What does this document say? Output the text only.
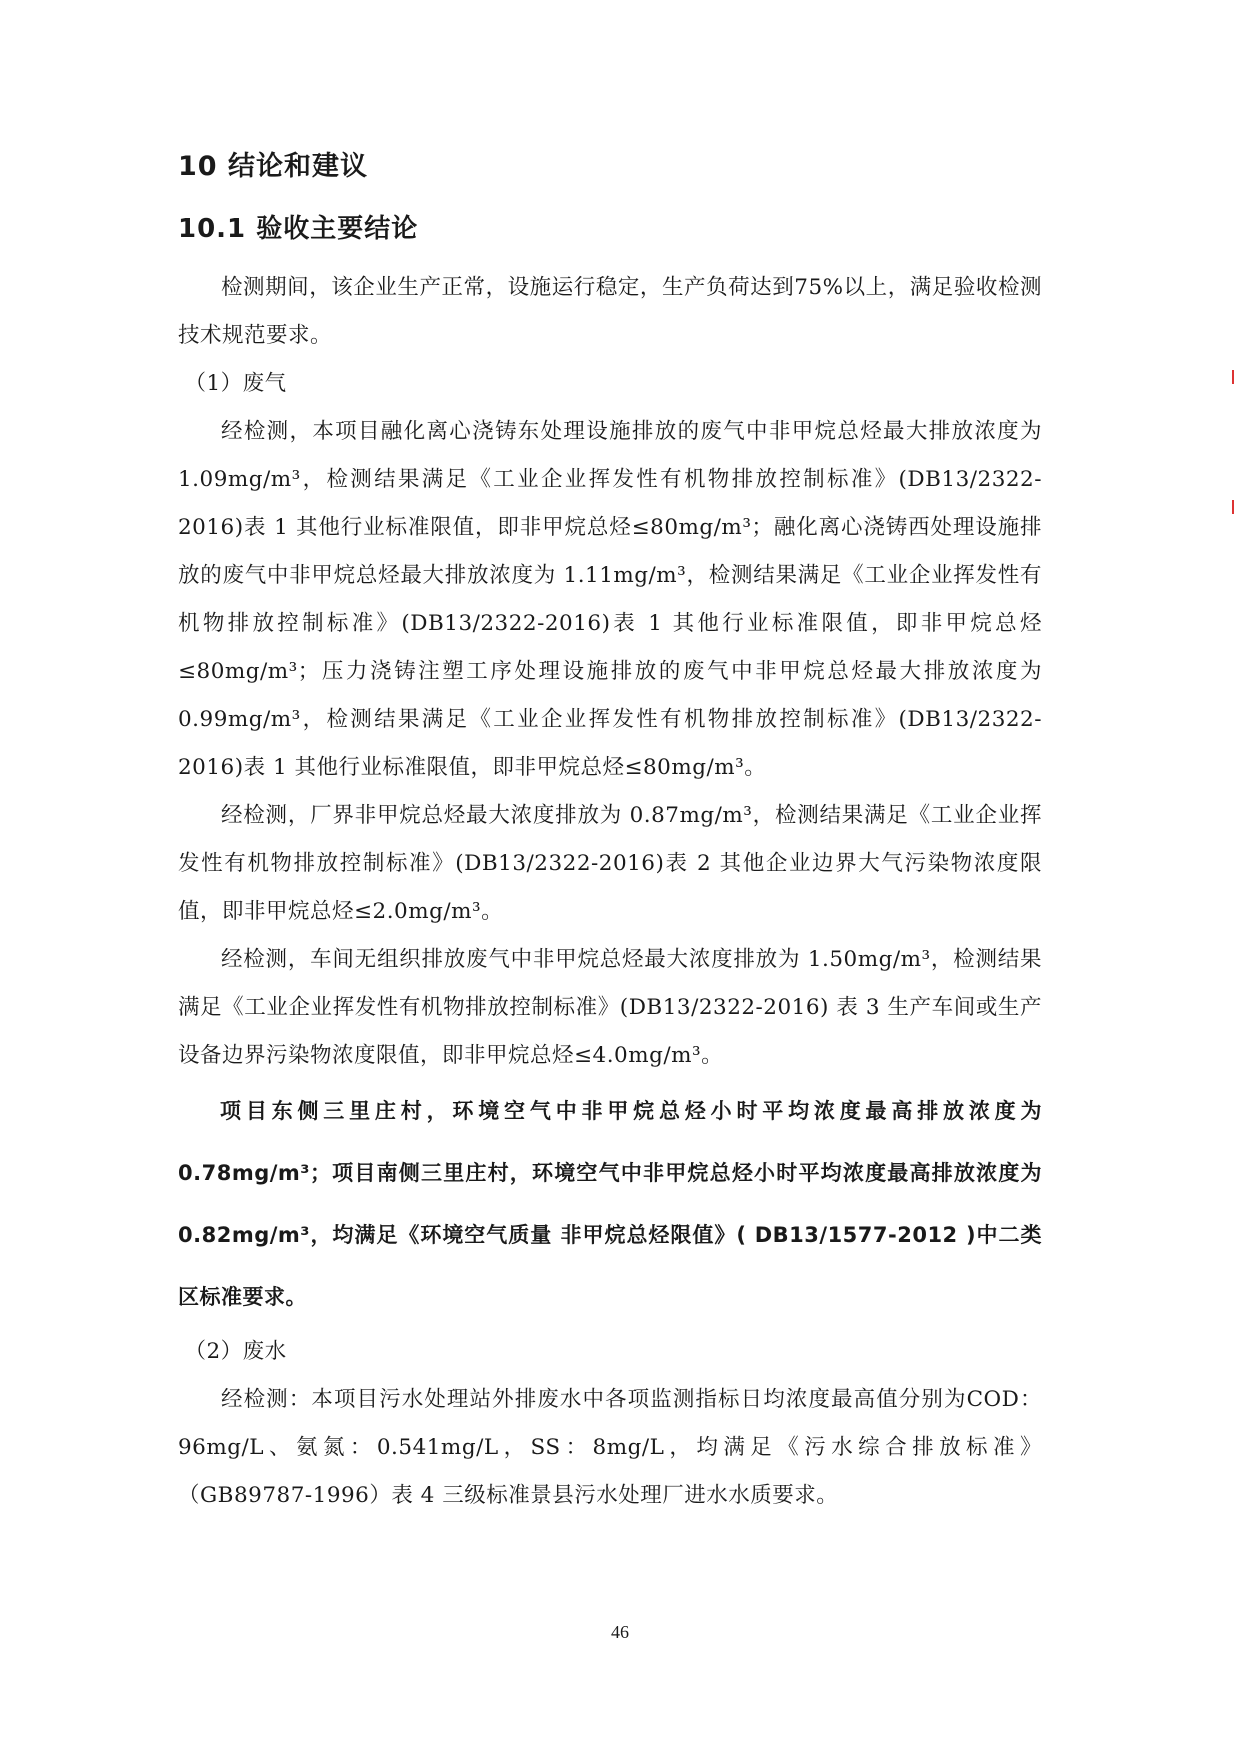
10 结论和建议
10.1 验收主要结论

检测期间，该企业生产正常，设施运行稳定，生产负荷达到75%以上，满足验收检测技术规范要求。

（1）废气

经检测，本项目融化离心浇铸东处理设施排放的废气中非甲烷总烃最大排放浓度为 1.09mg/m³，检测结果满足《工业企业挥发性有机物排放控制标准》(DB13/2322-2016)表 1 其他行业标准限值，即非甲烷总烃≤80mg/m³；融化离心浇铸西处理设施排放的废气中非甲烷总烃最大排放浓度为 1.11mg/m³，检测结果满足《工业企业挥发性有机物排放控制标准》(DB13/2322-2016)表 1 其他行业标准限值，即非甲烷总烃≤80mg/m³；压力浇铸注塑工序处理设施排放的废气中非甲烷总烃最大排放浓度为 0.99mg/m³，检测结果满足《工业企业挥发性有机物排放控制标准》(DB13/2322-2016)表 1 其他行业标准限值，即非甲烷总烃≤80mg/m³。

经检测，厂界非甲烷总烃最大浓度排放为 0.87mg/m³，检测结果满足《工业企业挥发性有机物排放控制标准》(DB13/2322-2016)表 2 其他企业边界大气污染物浓度限值，即非甲烷总烃≤2.0mg/m³。

经检测，车间无组织排放废气中非甲烷总烃最大浓度排放为 1.50mg/m³，检测结果满足《工业企业挥发性有机物排放控制标准》(DB13/2322-2016) 表 3 生产车间或生产设备边界污染物浓度限值，即非甲烷总烃≤4.0mg/m³。

项目东侧三里庄村，环境空气中非甲烷总烃小时平均浓度最高排放浓度为0.78mg/m³；项目南侧三里庄村，环境空气中非甲烷总烃小时平均浓度最高排放浓度为 0.82mg/m³，均满足《环境空气质量 非甲烷总烃限值》( DB13/1577-2012 )中二类区标准要求。

（2）废水

经检测：本项目污水处理站外排废水中各项监测指标日均浓度最高值分别为COD：96mg/L、氨氮：0.541mg/L，SS：8mg/L，均满足《污水综合排放标准》（GB89787-1996）表 4 三级标准景县污水处理厂进水水质要求。

46
